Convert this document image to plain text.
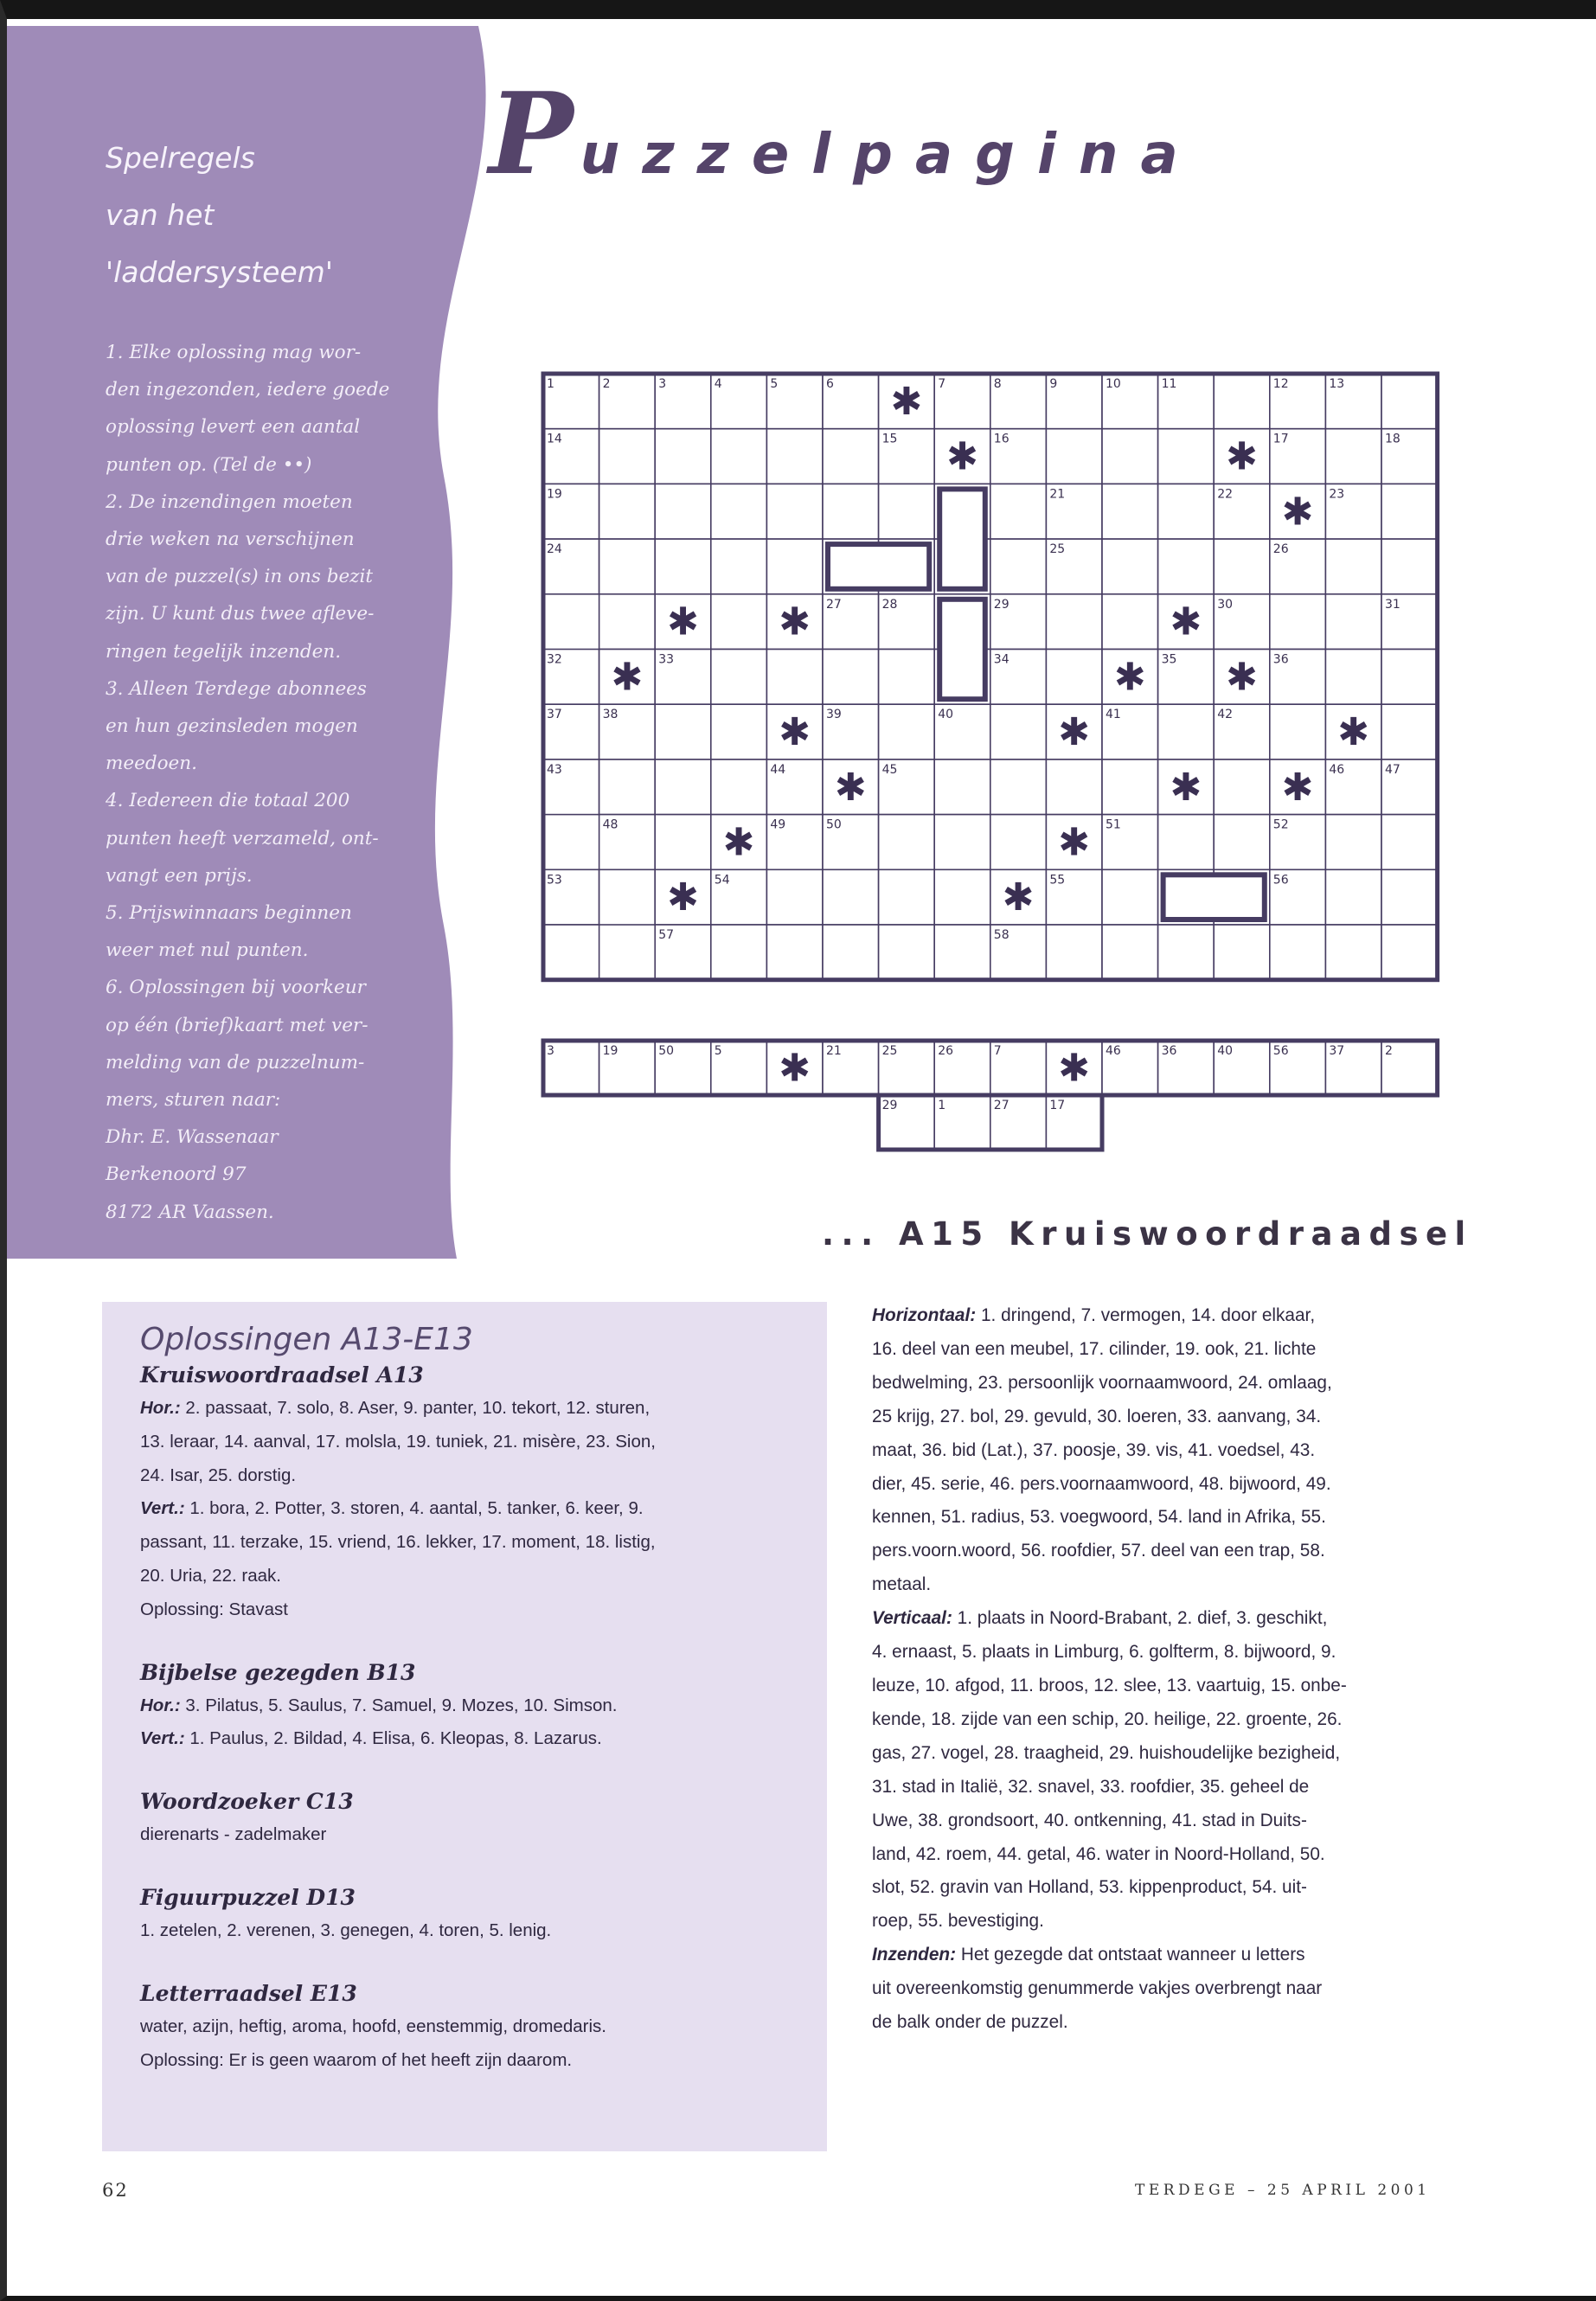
Spelregels
van het
'laddersysteem'
1. Elke oplossing mag wor-
den ingezonden, iedere goede
oplossing levert een aantal
punten op. (Tel de ••)
2. De inzendingen moeten
drie weken na verschijnen
van de puzzel(s) in ons bezit
zijn. U kunt dus twee afleve-
ringen tegelijk inzenden.
3. Alleen Terdege abonnees
en hun gezinsleden mogen
meedoen.
4. Iedereen die totaal 200
punten heeft verzameld, ont-
vangt een prijs.
5. Prijswinnaars beginnen
weer met nul punten.
6. Oplossingen bij voorkeur
op één (brief)kaart met ver-
melding van de puzzelnum-
mers, sturen naar:
Dhr. E. Wassenaar
Berkenoord 97
8172 AR Vaassen.
Puzzelpagina
1	2	3	4	5	6 ✱ 7	8	9	10	11	12	13
14	15 ✱ 16	✱ 17	18
19	21	22 ✱ 23
24	25	26
✱ ✱ 27	28	29	✱ 30	31
32 ✱ 33	34	✱ 35 ✱ 36
37	38	✱ 39	40	✱ 41	42	✱
43	44 ✱ 45	✱ ✱ 46	47
48	✱ 49	50	✱ 51	52
53	✱ 54	✱ 55	56
57	58
3	19	50	5 ✱ 21	25	26	7 ✱ 46	36	40	56	37	2
29	1	27	17
... A15 Kruiswoordraadsel
Oplossingen A13-E13
Kruiswoordraadsel A13
Hor.: 2. passaat, 7. solo, 8. Aser, 9. panter, 10. tekort, 12. sturen,
13. leraar, 14. aanval, 17. molsla, 19. tuniek, 21. misère, 23. Sion,
24. Isar, 25. dorstig.
Vert.: 1. bora, 2. Potter, 3. storen, 4. aantal, 5. tanker, 6. keer, 9.
passant, 11. terzake, 15. vriend, 16. lekker, 17. moment, 18. listig,
20. Uria, 22. raak.
Oplossing: Stavast
Bijbelse gezegden B13
Hor.: 3. Pilatus, 5. Saulus, 7. Samuel, 9. Mozes, 10. Simson.
Vert.: 1. Paulus, 2. Bildad, 4. Elisa, 6. Kleopas, 8. Lazarus.
Woordzoeker C13
dierenarts - zadelmaker
Figuurpuzzel D13
1. zetelen, 2. verenen, 3. genegen, 4. toren, 5. lenig.
Letterraadsel E13
water, azijn, heftig, aroma, hoofd, eenstemmig, dromedaris.
Oplossing: Er is geen waarom of het heeft zijn daarom.
Horizontaal: 1. dringend, 7. vermogen, 14. door elkaar,
16. deel van een meubel, 17. cilinder, 19. ook, 21. lichte
bedwelming, 23. persoonlijk voornaamwoord, 24. omlaag,
25 krijg, 27. bol, 29. gevuld, 30. loeren, 33. aanvang, 34.
maat, 36. bid (Lat.), 37. poosje, 39. vis, 41. voedsel, 43.
dier, 45. serie, 46. pers.voornaamwoord, 48. bijwoord, 49.
kennen, 51. radius, 53. voegwoord, 54. land in Afrika, 55.
pers.voorn.woord, 56. roofdier, 57. deel van een trap, 58.
metaal.
Verticaal: 1. plaats in Noord-Brabant, 2. dief, 3. geschikt,
4. ernaast, 5. plaats in Limburg, 6. golfterm, 8. bijwoord, 9.
leuze, 10. afgod, 11. broos, 12. slee, 13. vaartuig, 15. onbe-
kende, 18. zijde van een schip, 20. heilige, 22. groente, 26.
gas, 27. vogel, 28. traagheid, 29. huishoudelijke bezigheid,
31. stad in Italië, 32. snavel, 33. roofdier, 35. geheel de
Uwe, 38. grondsoort, 40. ontkenning, 41. stad in Duits-
land, 42. roem, 44. getal, 46. water in Noord-Holland, 50.
slot, 52. gravin van Holland, 53. kippenproduct, 54. uit-
roep, 55. bevestiging.
Inzenden: Het gezegde dat ontstaat wanneer u letters
uit overeenkomstig genummerde vakjes overbrengt naar
de balk onder de puzzel.
62	TERDEGE – 25 APRIL 2001
